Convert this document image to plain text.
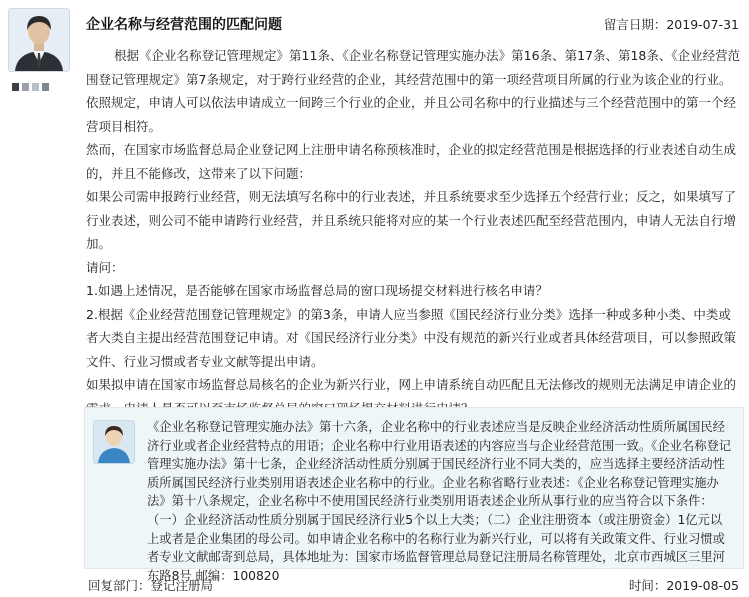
企业名称与经营范围的匹配问题	留言日期：2019-07-31

根据《企业名称登记管理规定》第11条、《企业名称登记管理实施办法》第16条、第17条、第18条、《企业经营范围登记管理规定》第7条规定，对于跨行业经营的企业，其经营范围中的第一项经营项目所属的行业为该企业的行业。依照规定，申请人可以依法申请成立一间跨三个行业的企业，并且公司名称中的行业描述与三个经营范围中的第一个经营项目相符。

然而，在国家市场监督总局企业登记网上注册申请名称预核准时，企业的拟定经营范围是根据选择的行业表述自动生成的，并且不能修改，这带来了以下问题：

如果公司需申报跨行业经营，则无法填写名称中的行业表述，并且系统要求至少选择五个经营行业；反之，如果填写了行业表述，则公司不能申请跨行业经营，并且系统只能将对应的某一个行业表述匹配至经营范围内，申请人无法自行增加。

请问：

1.如遇上述情况，是否能够在国家市场监督总局的窗口现场提交材料进行核名申请？

2.根据《企业经营范围登记管理规定》的第3条，申请人应当参照《国民经济行业分类》选择一种或多种小类、中类或者大类自主提出经营范围登记申请。对《国民经济行业分类》中没有规范的新兴行业或者具体经营项目，可以参照政策文件、行业习惯或者专业文献等提出申请。

如果拟申请在国家市场监督总局核名的企业为新兴行业，网上申请系统自动匹配且无法修改的规则无法满足申请企业的

《企业名称登记管理实施办法》第十六条，企业名称中的行业表述应当是反映企业经济活动性质所属国民经济行业或者企业经营特点的用语；企业名称中行业用语表述的内容应当与企业经营范围一致。《企业名称登记管理实施办法》第十七条，企业经济活动性质分别属于国民经济行业不同大类的，应当选择主要经济活动性质所属国民经济行业类别用语表述企业名称中的行业。企业名称省略行业表述：《企业名称登记管理实施办法》第十八条规定，企业名称中不使用国民经济行业类别用语表述企业所从事行业的应当符合以下条件：（一）企业经济活动性质分别属于国民经济行业5个以上大类；（二）企业注册资本（或注册资金）1亿元以上或者是企业集团的母公司。如申请企业名称中的名称行业为新兴行业，可以将有关政策文件、行业习惯或者专业文献邮寄到总局，具体地址为：国家市场监督管理总局登记注册局名称管理处，北京市西城区三里河东路8号 邮编：100820
回复部门：登记注册局	时间：2019-08-05
